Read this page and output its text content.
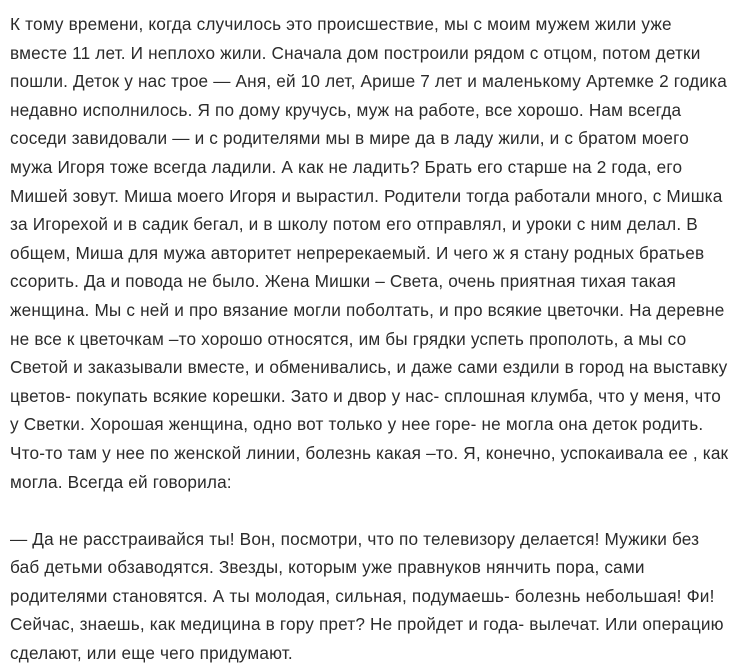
К тому времени, когда случилось это происшествие, мы с моим мужем жили уже вместе 11 лет. И неплохо жили. Сначала дом построили рядом с отцом, потом детки пошли. Деток у нас трое — Аня, ей 10 лет, Арише 7 лет и маленькому Артемке 2 годика недавно исполнилось. Я по дому кручусь, муж на работе, все хорошо. Нам всегда соседи завидовали — и с родителями мы в мире да в ладу жили, и с братом моего мужа Игоря тоже всегда ладили. А как не ладить? Брать его старше на 2 года, его Мишей зовут. Миша моего Игоря и вырастил. Родители тогда работали много, с Мишка за Игорехой и в садик бегал, и в школу потом его отправлял, и уроки с ним делал. В общем, Миша для мужа авторитет непререкаемый. И чего ж я стану родных братьев ссорить. Да и повода не было. Жена Мишки – Света, очень приятная тихая такая женщина. Мы с ней и про вязание могли поболтать, и про всякие цветочки. На деревне не все к цветочкам –то хорошо относятся, им бы грядки успеть прополоть, а мы со Светой и заказывали вместе, и обменивались, и даже сами ездили в город на выставку цветов- покупать всякие корешки. Зато и двор у нас- сплошная клумба, что у меня, что у Светки. Хорошая женщина, одно вот только у нее горе- не могла она деток родить. Что-то там у нее по женской линии, болезнь какая –то. Я, конечно, успокаивала ее , как могла. Всегда ей говорила:

— Да не расстраивайся ты! Вон, посмотри, что по телевизору делается! Мужики без баб детьми обзаводятся. Звезды, которым уже правнуков нянчить пора, сами родителями становятся. А ты молодая, сильная, подумаешь- болезнь небольшая! Фи! Сейчас, знаешь, как медицина в гору прет? Не пройдет и года- вылечат. Или операцию сделают, или еще чего придумают.
